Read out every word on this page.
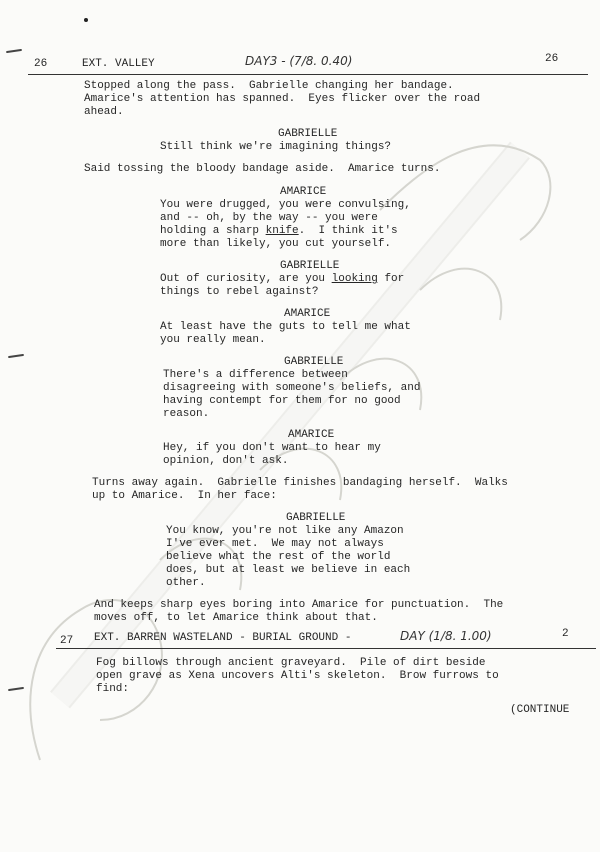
26	EXT. VALLEY	DAY3 - (7/8. 0.40)	26
Stopped along the pass.  Gabrielle changing her bandage.
Amarice's attention has spanned.  Eyes flicker over the road
ahead.
GABRIELLE
Still think we're imagining things?
Said tossing the bloody bandage aside.  Amarice turns.
AMARICE
You were drugged, you were convulsing,
and -- oh, by the way -- you were
holding a sharp knife.  I think it's
more than likely, you cut yourself.
GABRIELLE
Out of curiosity, are you looking for
things to rebel against?
AMARICE
At least have the guts to tell me what
you really mean.
GABRIELLE
There's a difference between
disagreeing with someone's beliefs, and
having contempt for them for no good
reason.
AMARICE
Hey, if you don't want to hear my
opinion, don't ask.
Turns away again.  Gabrielle finishes bandaging herself.  Walks
up to Amarice.  In her face:
GABRIELLE
You know, you're not like any Amazon
I've ever met.  We may not always
believe what the rest of the world
does, but at least we believe in each
other.
And keeps sharp eyes boring into Amarice for punctuation.  The
moves off, to let Amarice think about that.
27 EXT. BARREN WASTELAND - BURIAL GROUND -	DAY (1/8. 1.00)	2
Fog billows through ancient graveyard.  Pile of dirt beside
open grave as Xena uncovers Alti's skeleton.  Brow furrows to
find:
(CONTINUE
